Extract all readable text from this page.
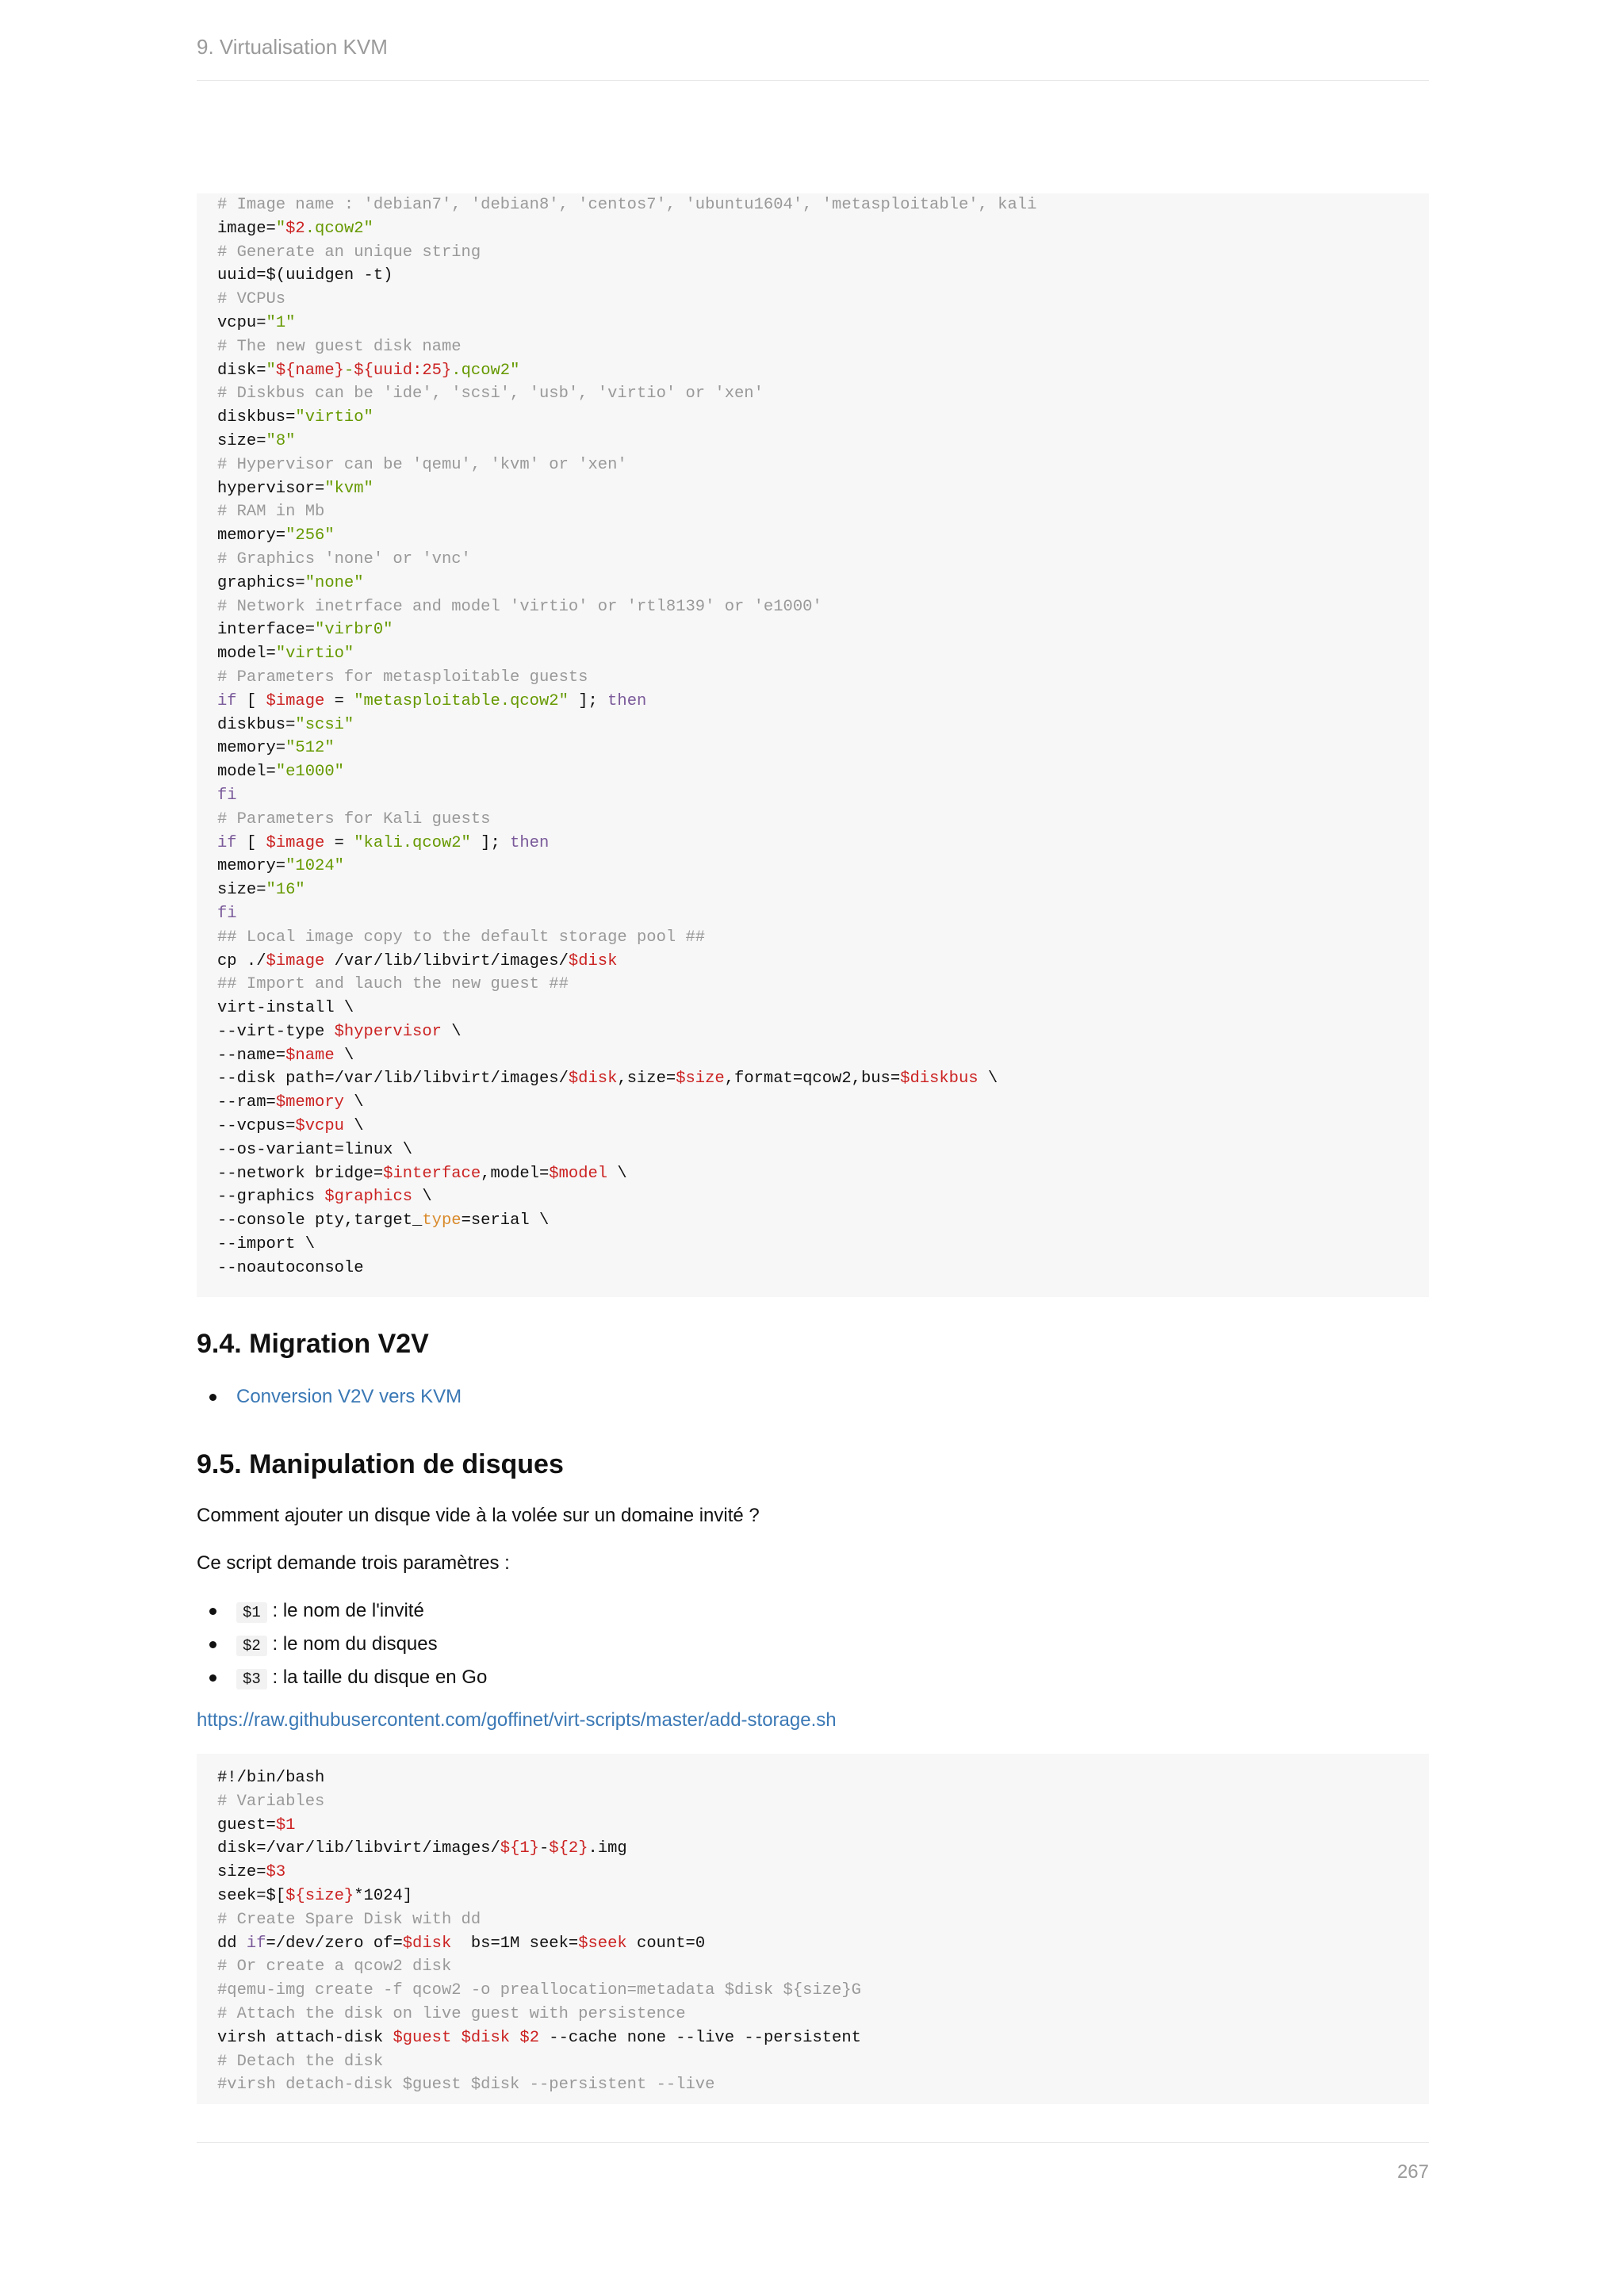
9. Virtualisation KVM
# Image name : 'debian7', 'debian8', 'centos7', 'ubuntu1604', 'metasploitable', kali
image="$2.qcow2"
# Generate an unique string
uuid=$(uuidgen -t)
# VCPUs
vcpu="1"
# The new guest disk name
disk="${name}-${uuid:25}.qcow2"
# Diskbus can be 'ide', 'scsi', 'usb', 'virtio' or 'xen'
diskbus="virtio"
size="8"
# Hypervisor can be 'qemu', 'kvm' or 'xen'
hypervisor="kvm"
# RAM in Mb
memory="256"
# Graphics 'none' or 'vnc'
graphics="none"
# Network inetrface and model 'virtio' or 'rtl8139' or 'e1000'
interface="virbr0"
model="virtio"
# Parameters for metasploitable guests
if [ $image = "metasploitable.qcow2" ]; then
diskbus="scsi"
memory="512"
model="e1000"
fi
# Parameters for Kali guests
if [ $image = "kali.qcow2" ]; then
memory="1024"
size="16"
fi
## Local image copy to the default storage pool ##
cp ./$image /var/lib/libvirt/images/$disk
## Import and lauch the new guest ##
virt-install \
--virt-type $hypervisor \
--name=$name \
--disk path=/var/lib/libvirt/images/$disk,size=$size,format=qcow2,bus=$diskbus \
--ram=$memory \
--vcpus=$vcpu \
--os-variant=linux \
--network bridge=$interface,model=$model \
--graphics $graphics \
--console pty,target_type=serial \
--import \
--noautoconsole
9.4. Migration V2V
Conversion V2V vers KVM
9.5. Manipulation de disques

Comment ajouter un disque vide à la volée sur un domaine invité ?

Ce script demande trois paramètres :

$1 : le nom de l'invité
$2 : le nom du disques
$3 : la taille du disque en Go

https://raw.githubusercontent.com/goffinet/virt-scripts/master/add-storage.sh

#!/bin/bash
# Variables
guest=$1
disk=/var/lib/libvirt/images/${1}-${2}.img
size=$3
seek=$[${size}*1024]
# Create Spare Disk with dd
dd if=/dev/zero of=$disk  bs=1M seek=$seek count=0
# Or create a qcow2 disk
#qemu-img create -f qcow2 -o preallocation=metadata $disk ${size}G
# Attach the disk on live guest with persistence
virsh attach-disk $guest $disk $2 --cache none --live --persistent
# Detach the disk
#virsh detach-disk $guest $disk --persistent --live
267
